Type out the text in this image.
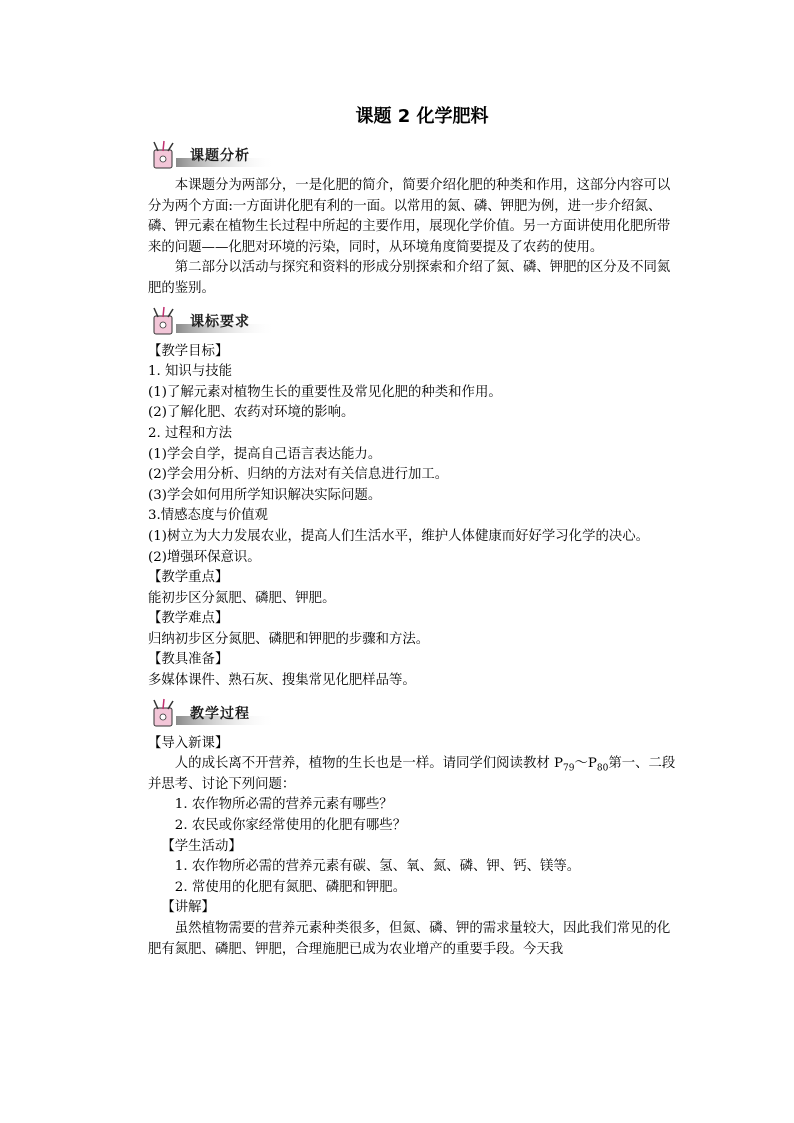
课题 2 化学肥料
课题分析

本课题分为两部分，一是化肥的简介，简要介绍化肥的种类和作用，这部分内容可以分为两个方面:一方面讲化肥有利的一面。以常用的氮、磷、钾肥为例，进一步介绍氮、磷、钾元素在植物生长过程中所起的主要作用，展现化学价值。另一方面讲使用化肥所带来的问题——化肥对环境的污染，同时，从环境角度简要提及了农药的使用。

第二部分以活动与探究和资料的形成分别探索和介绍了氮、磷、钾肥的区分及不同氮肥的鉴别。

课标要求

【教学目标】

1. 知识与技能

(1)了解元素对植物生长的重要性及常见化肥的种类和作用。

(2)了解化肥、农药对环境的影响。

2. 过程和方法

(1)学会自学，提高自己语言表达能力。

(2)学会用分析、归纳的方法对有关信息进行加工。

(3)学会如何用所学知识解决实际问题。

3.情感态度与价值观

(1)树立为大力发展农业，提高人们生活水平，维护人体健康而好好学习化学的决心。

(2)增强环保意识。

【教学重点】

能初步区分氮肥、磷肥、钾肥。

【教学难点】

归纳初步区分氮肥、磷肥和钾肥的步骤和方法。

【教具准备】

多媒体课件、熟石灰、搜集常见化肥样品等。

教学过程

【导入新课】

人的成长离不开营养，植物的生长也是一样。请同学们阅读教材 $P_{79}\sim P_{80}$第一、二段并思考、讨论下列问题：

1. 农作物所必需的营养元素有哪些？

2. 农民或你家经常使用的化肥有哪些？

【学生活动】

1. 农作物所必需的营养元素有碳、氢、氧、氮、磷、钾、钙、镁等。

2. 常使用的化肥有氮肥、磷肥和钾肥。

【讲解】

虽然植物需要的营养元素种类很多，但氮、磷、钾的需求量较大，因此我们常见的化肥有氮肥、磷肥、钾肥，合理施肥已成为农业增产的重要手段。今天我
